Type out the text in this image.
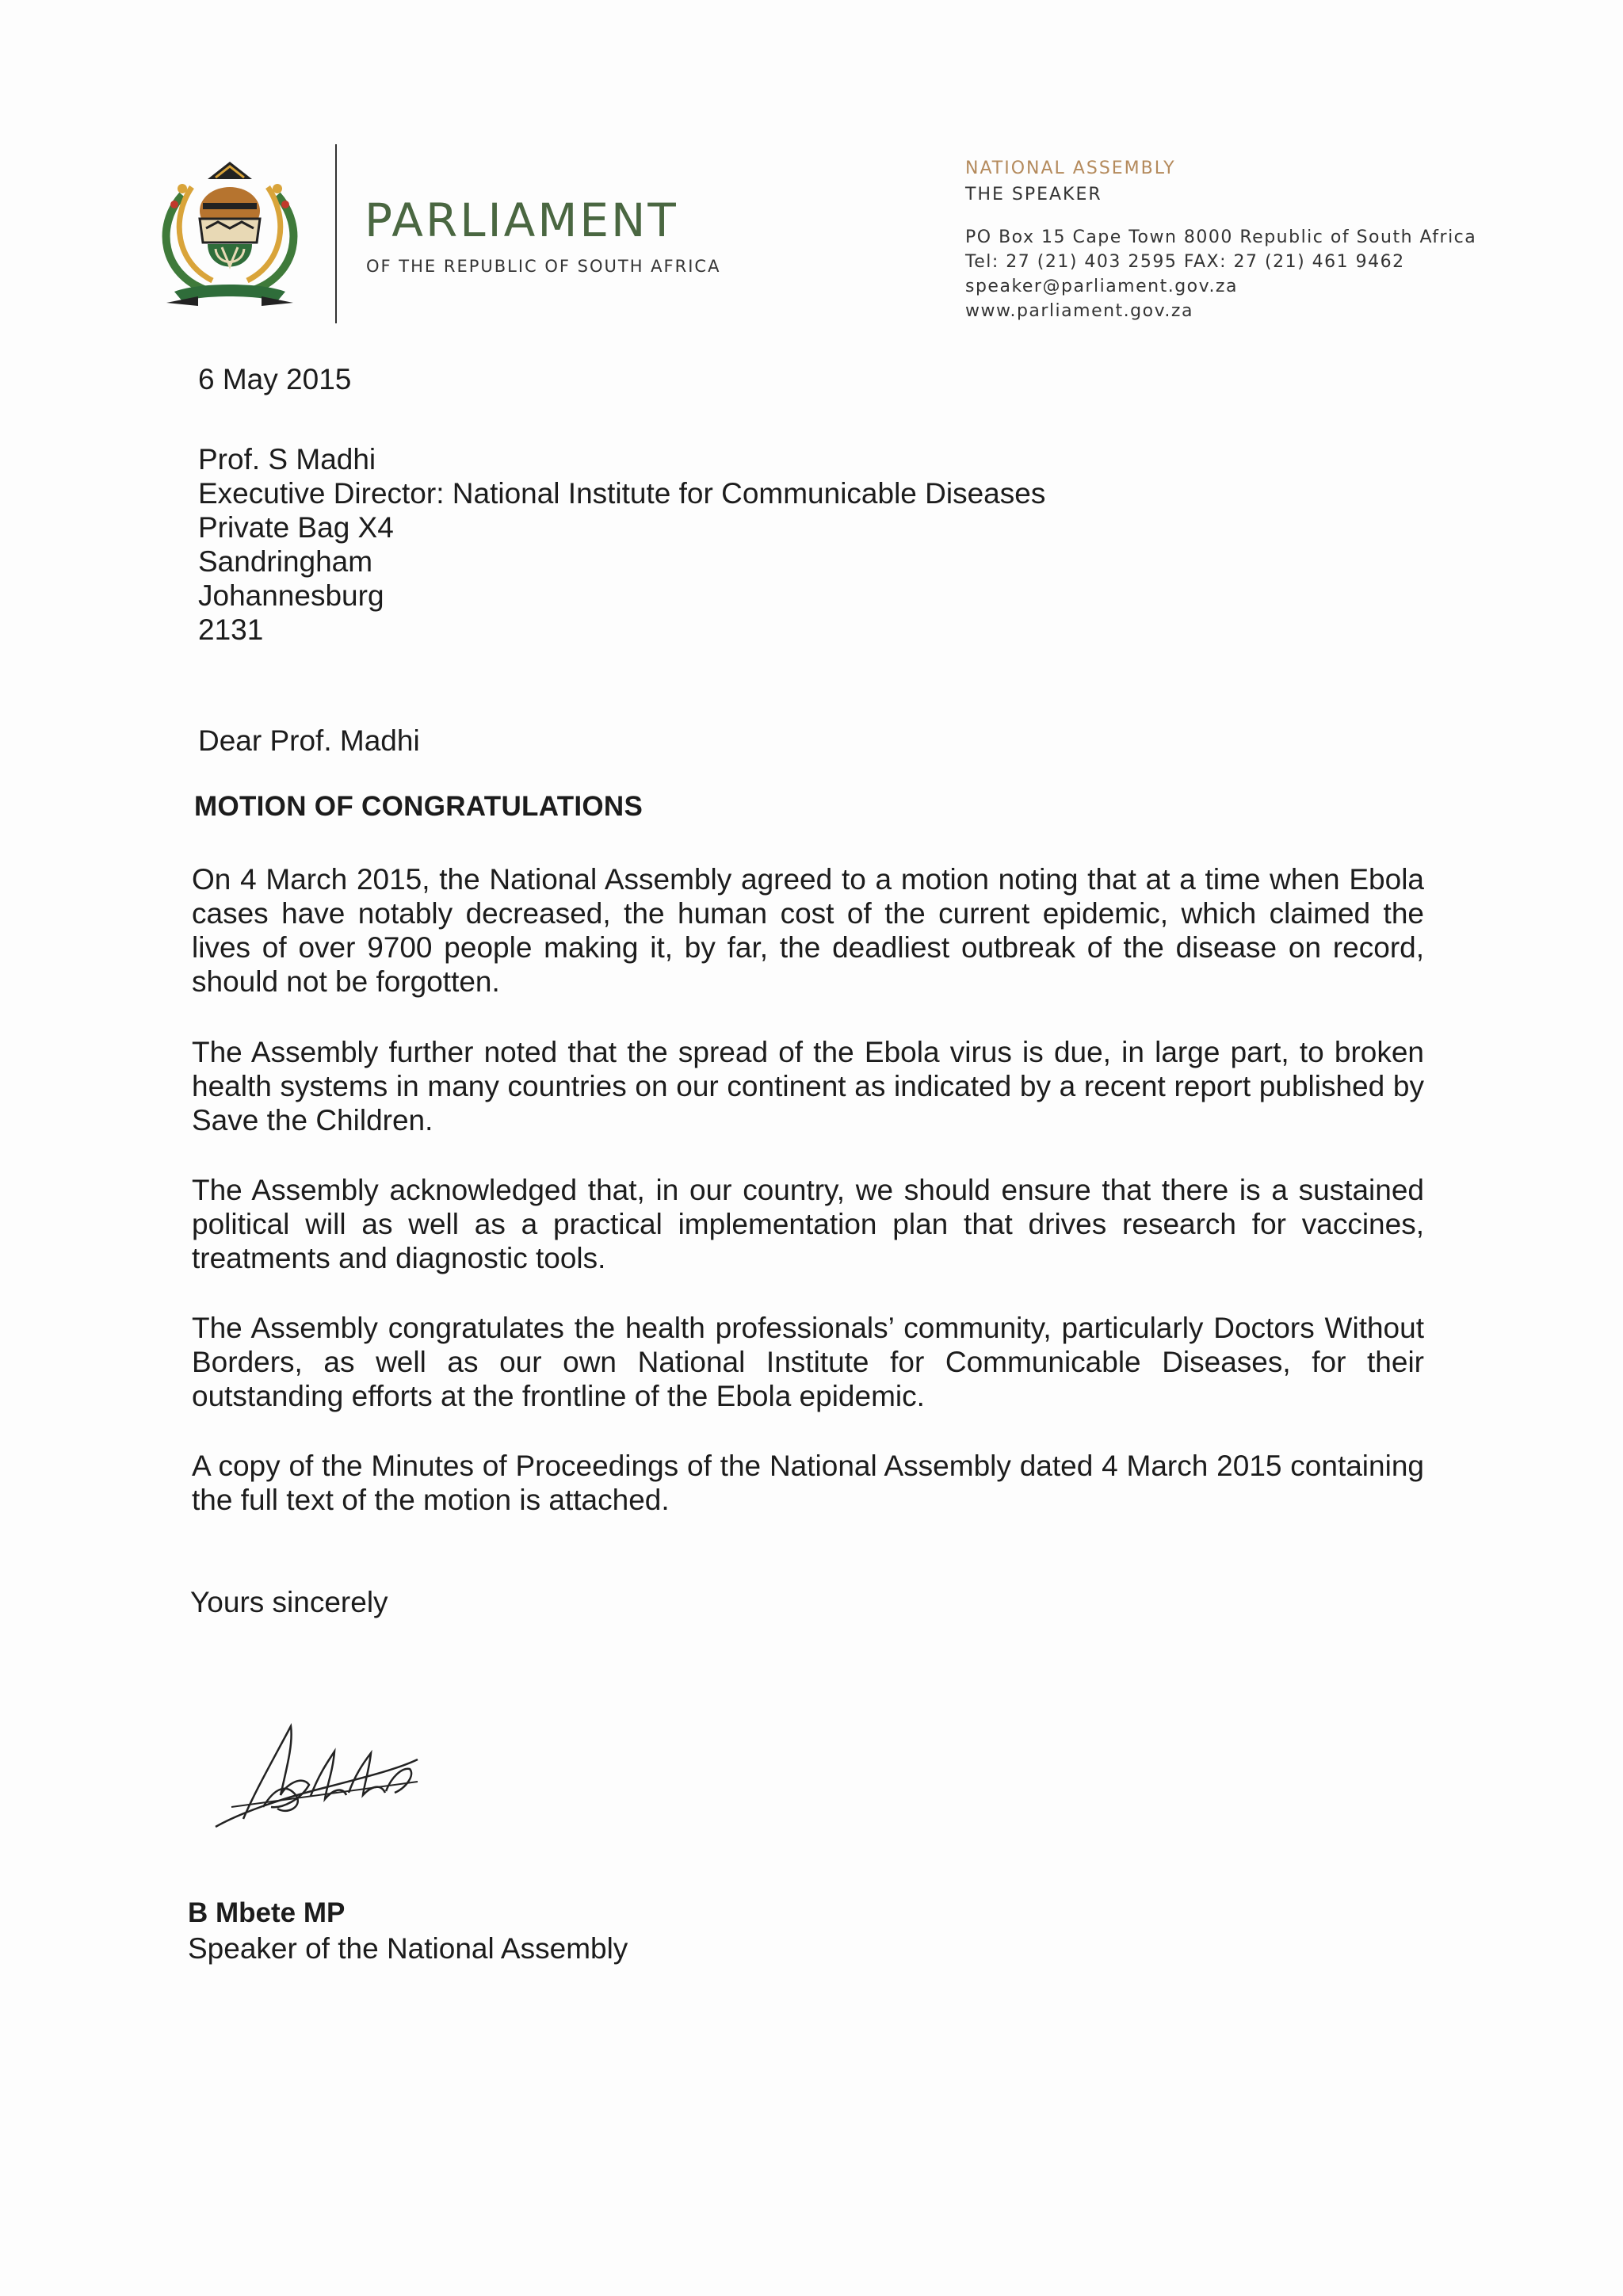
PARLIAMENT
OF THE REPUBLIC OF SOUTH AFRICA
NATIONAL ASSEMBLY
THE SPEAKER
PO Box 15 Cape Town 8000 Republic of South Africa
Tel: 27 (21) 403 2595 FAX: 27 (21) 461 9462
speaker@parliament.gov.za
www.parliament.gov.za
6 May 2015
Prof. S Madhi
Executive Director: National Institute for Communicable Diseases
Private Bag X4
Sandringham
Johannesburg
2131
Dear Prof. Madhi
MOTION OF CONGRATULATIONS
On 4 March 2015, the National Assembly agreed to a motion noting that at a time when Ebola cases have notably decreased, the human cost of the current epidemic, which claimed the lives of over 9700 people making it, by far, the deadliest outbreak of the disease on record, should not be forgotten.
The Assembly further noted that the spread of the Ebola virus is due, in large part, to broken health systems in many countries on our continent as indicated by a recent report published by Save the Children.
The Assembly acknowledged that, in our country, we should ensure that there is a sustained political will as well as a practical implementation plan that drives research for vaccines, treatments and diagnostic tools.
The Assembly congratulates the health professionals’ community, particularly Doctors Without Borders, as well as our own National Institute for Communicable Diseases, for their outstanding efforts at the frontline of the Ebola epidemic.
A copy of the Minutes of Proceedings of the National Assembly dated 4 March 2015 containing the full text of the motion is attached.
Yours sincerely
B Mbete MP
Speaker of the National Assembly
